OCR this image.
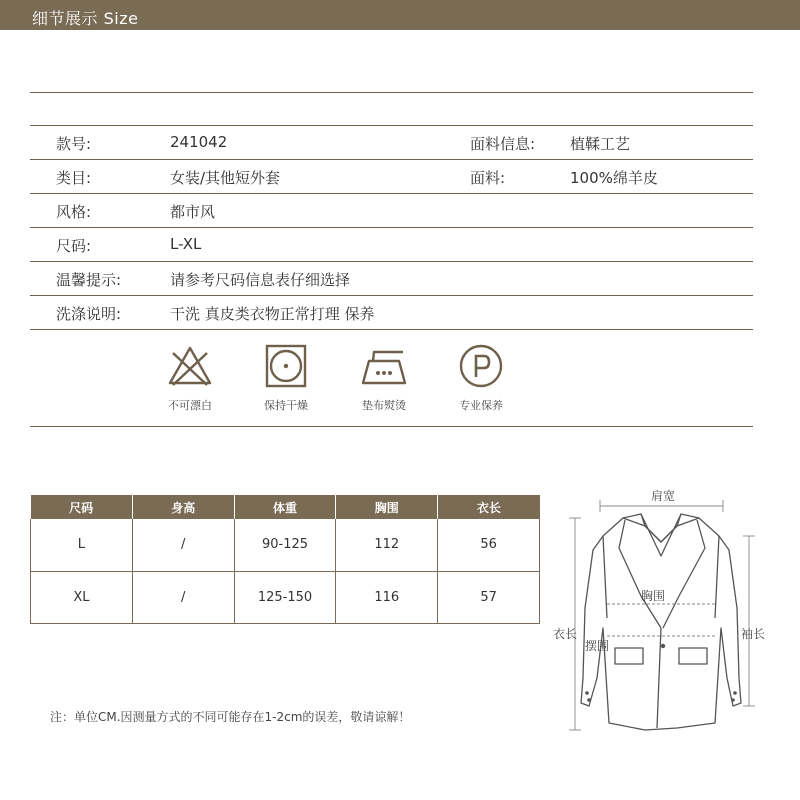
细节展示 Size
款号:	241042	面料信息: 植鞣工艺
类目:	女装/其他短外套	面料:	100%绵羊皮
风格:	都市风
尺码:	L-XL
温馨提示:	请参考尺码信息表仔细选择
洗涤说明:	干洗 真皮类衣物正常打理 保养
不可漂白	保持干燥	垫布熨烫	专业保养
尺码	身高	体重	胸围	衣长
L	/	90-125	112	56
XL	/	125-150	116	57
注：单位CM.因测量方式的不同可能存在1-2cm的误差，敬请谅解！
肩宽
胸围
衣长
摆围
袖长
